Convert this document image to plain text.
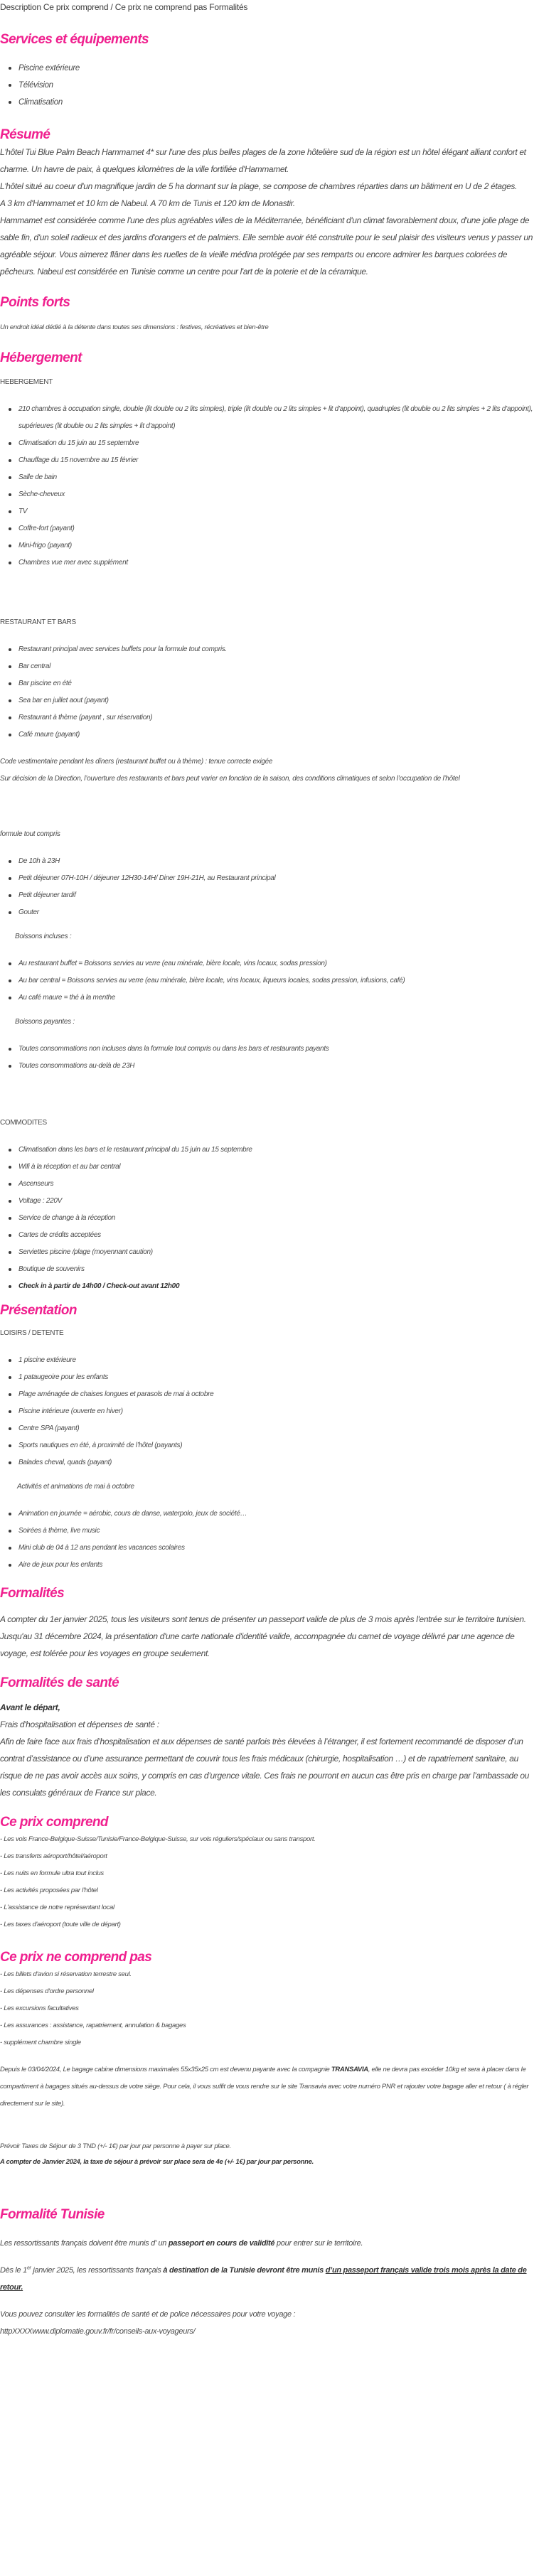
Description Ce prix comprend / Ce prix ne comprend pas Formalités
Services et équipements
Piscine extérieure
Télévision
Climatisation
Résumé

L'hôtel Tui Blue Palm Beach Hammamet 4* sur l'une des plus belles plages de la zone hôtelière sud de la région est un hôtel élégant alliant confort et charme. Un havre de paix, à quelques kilomètres de la ville fortifiée d'Hammamet.

L'hôtel situé au coeur d'un magnifique jardin de 5 ha donnant sur la plage, se compose de chambres réparties dans un bâtiment en U de 2 étages.

A 3 km d'Hammamet et 10 km de Nabeul. A 70 km de Tunis et 120 km de Monastir.

Hammamet est considérée comme l'une des plus agréables villes de la Méditerranée, bénéficiant d'un climat favorablement doux, d'une jolie plage de sable fin, d'un soleil radieux et des jardins d'orangers et de palmiers. Elle semble avoir été construite pour le seul plaisir des visiteurs venus y passer un agréable séjour. Vous aimerez flâner dans les ruelles de la vieille médina protégée par ses remparts ou encore admirer les barques colorées de pêcheurs. Nabeul est considérée en Tunisie comme un centre pour l'art de la poterie et de la céramique.

Points forts

Un endroit idéal dédié à la détente dans toutes ses dimensions : festives, récréatives et bien-être

Hébergement

HEBERGEMENT

210 chambres à occupation single, double (lit double ou 2 lits simples), triple (lit double ou 2 lits simples + lit d’appoint), quadruples (lit double ou 2 lits simples + 2 lits d’appoint), supérieures (lit double ou 2 lits simples + lit d’appoint)
Climatisation du 15 juin au 15 septembre
Chauffage du 15 novembre au 15 février
Salle de bain
Sèche-cheveux
TV
Coffre-fort (payant)
Mini-frigo (payant)
Chambres vue mer avec supplément

RESTAURANT ET BARS

Restaurant principal avec services buffets pour la formule tout compris.
Bar central
Bar piscine en été
Sea bar en juillet aout (payant)
Restaurant à thème (payant , sur réservation)
Café maure (payant)

Code vestimentaire pendant les dîners (restaurant buffet ou à thème) : tenue correcte exigée

Sur décision de la Direction, l’ouverture des restaurants et bars peut varier en fonction de la saison, des conditions climatiques et selon l’occupation de l’hôtel

formule tout compris

De 10h à 23H
Petit déjeuner 07H-10H / déjeuner 12H30-14H/ Diner 19H-21H, au Restaurant principal
Petit déjeuner tardif
Gouter

Boissons incluses :

Au restaurant buffet = Boissons servies au verre (eau minérale, bière locale, vins locaux, sodas pression)
Au bar central = Boissons servies au verre (eau minérale, bière locale, vins locaux, liqueurs locales, sodas pression, infusions, café)
Au café maure = thé à la menthe

Boissons payantes :

Toutes consommations non incluses dans la formule tout compris ou dans les bars et restaurants payants
Toutes consommations au-delà de 23H

COMMODITES

Climatisation dans les bars et le restaurant principal du 15 juin au 15 septembre
Wifi à la réception et au bar central
Ascenseurs
Voltage : 220V
Service de change à la réception
Cartes de crédits acceptées
Serviettes piscine /plage (moyennant caution)
Boutique de souvenirs
Check in à partir de 14h00 / Check-out avant 12h00
Présentation

LOISIRS / DETENTE

1 piscine extérieure
1 pataugeoire pour les enfants
Plage aménagée de chaises longues et parasols de mai à octobre
Piscine intérieure (ouverte en hiver)
Centre SPA (payant)
Sports nautiques en été, à proximité de l’hôtel (payants)
Balades cheval, quads (payant)

Activités et animations de mai à octobre

Animation en journée = aérobic, cours de danse, waterpolo, jeux de société…
Soirées à thème, live music
Mini club de 04 à 12 ans pendant les vacances scolaires
Aire de jeux pour les enfants
Formalités

A compter du 1er janvier 2025, tous les visiteurs sont tenus de présenter un passeport valide de plus de 3 mois après l'entrée sur le territoire tunisien. Jusqu'au 31 décembre 2024, la présentation d'une carte nationale d'identité valide, accompagnée du carnet de voyage délivré par une agence de voyage, est tolérée pour les voyages en groupe seulement.

Formalités de santé

Avant le départ,

Frais d'hospitalisation et dépenses de santé :

Afin de faire face aux frais d’hospitalisation et aux dépenses de santé parfois très élevées à l’étranger, il est fortement recommandé de disposer d’un contrat d’assistance ou d’une assurance permettant de couvrir tous les frais médicaux (chirurgie, hospitalisation …) et de rapatriement sanitaire, au risque de ne pas avoir accès aux soins, y compris en cas d’urgence vitale. Ces frais ne pourront en aucun cas être pris en charge par l’ambassade ou les consulats généraux de France sur place.

Ce prix comprend

- Les vols France-Belgique-Suisse/Tunisie/France-Belgique-Suisse, sur vols réguliers/spéciaux ou sans transport.

- Les transferts aéroport/hôtel/aéroport

- Les nuits en formule ultra tout inclus

- Les activités proposées par l'hôtel

- L'assistance de notre représentant local

- Les taxes d'aéroport (toute ville de départ)

Ce prix ne comprend pas

- Les billets d'avion si réservation terrestre seul.

- Les dépenses d'ordre personnel

- Les excursions facultatives

- Les assurances : assistance, rapatriement, annulation & bagages

- supplément chambre single

Depuis le 03/04/2024, Le bagage cabine dimensions maximales 55x35x25 cm est devenu payante avec la compagnie TRANSAVIA, elle ne devra pas excéder 10kg et sera à placer dans le compartiment à bagages situés au-dessus de votre siège. Pour cela, il vous suffit de vous rendre sur le site Transavia avec votre numéro PNR et rajouter votre bagage aller et retour ( à régler directement sur le site).

Prévoir Taxes de Séjour de 3 TND (+/- 1€) par jour par personne à payer sur place.

A compter de Janvier 2024, la taxe de séjour à prévoir sur place sera de 4e (+/- 1€) par jour par personne.

Formalité Tunisie

Les ressortissants français doivent être munis d' un passeport en cours de validité pour entrer sur le territoire.

Dès le 1er janvier 2025, les ressortissants français à destination de la Tunisie devront être munis d’un passeport français valide trois mois après la date de retour.

Vous pouvez consulter les formalités de santé et de police nécessaires pour votre voyage :

httpXXXXwww.diplomatie.gouv.fr/fr/conseils-aux-voyageurs/
